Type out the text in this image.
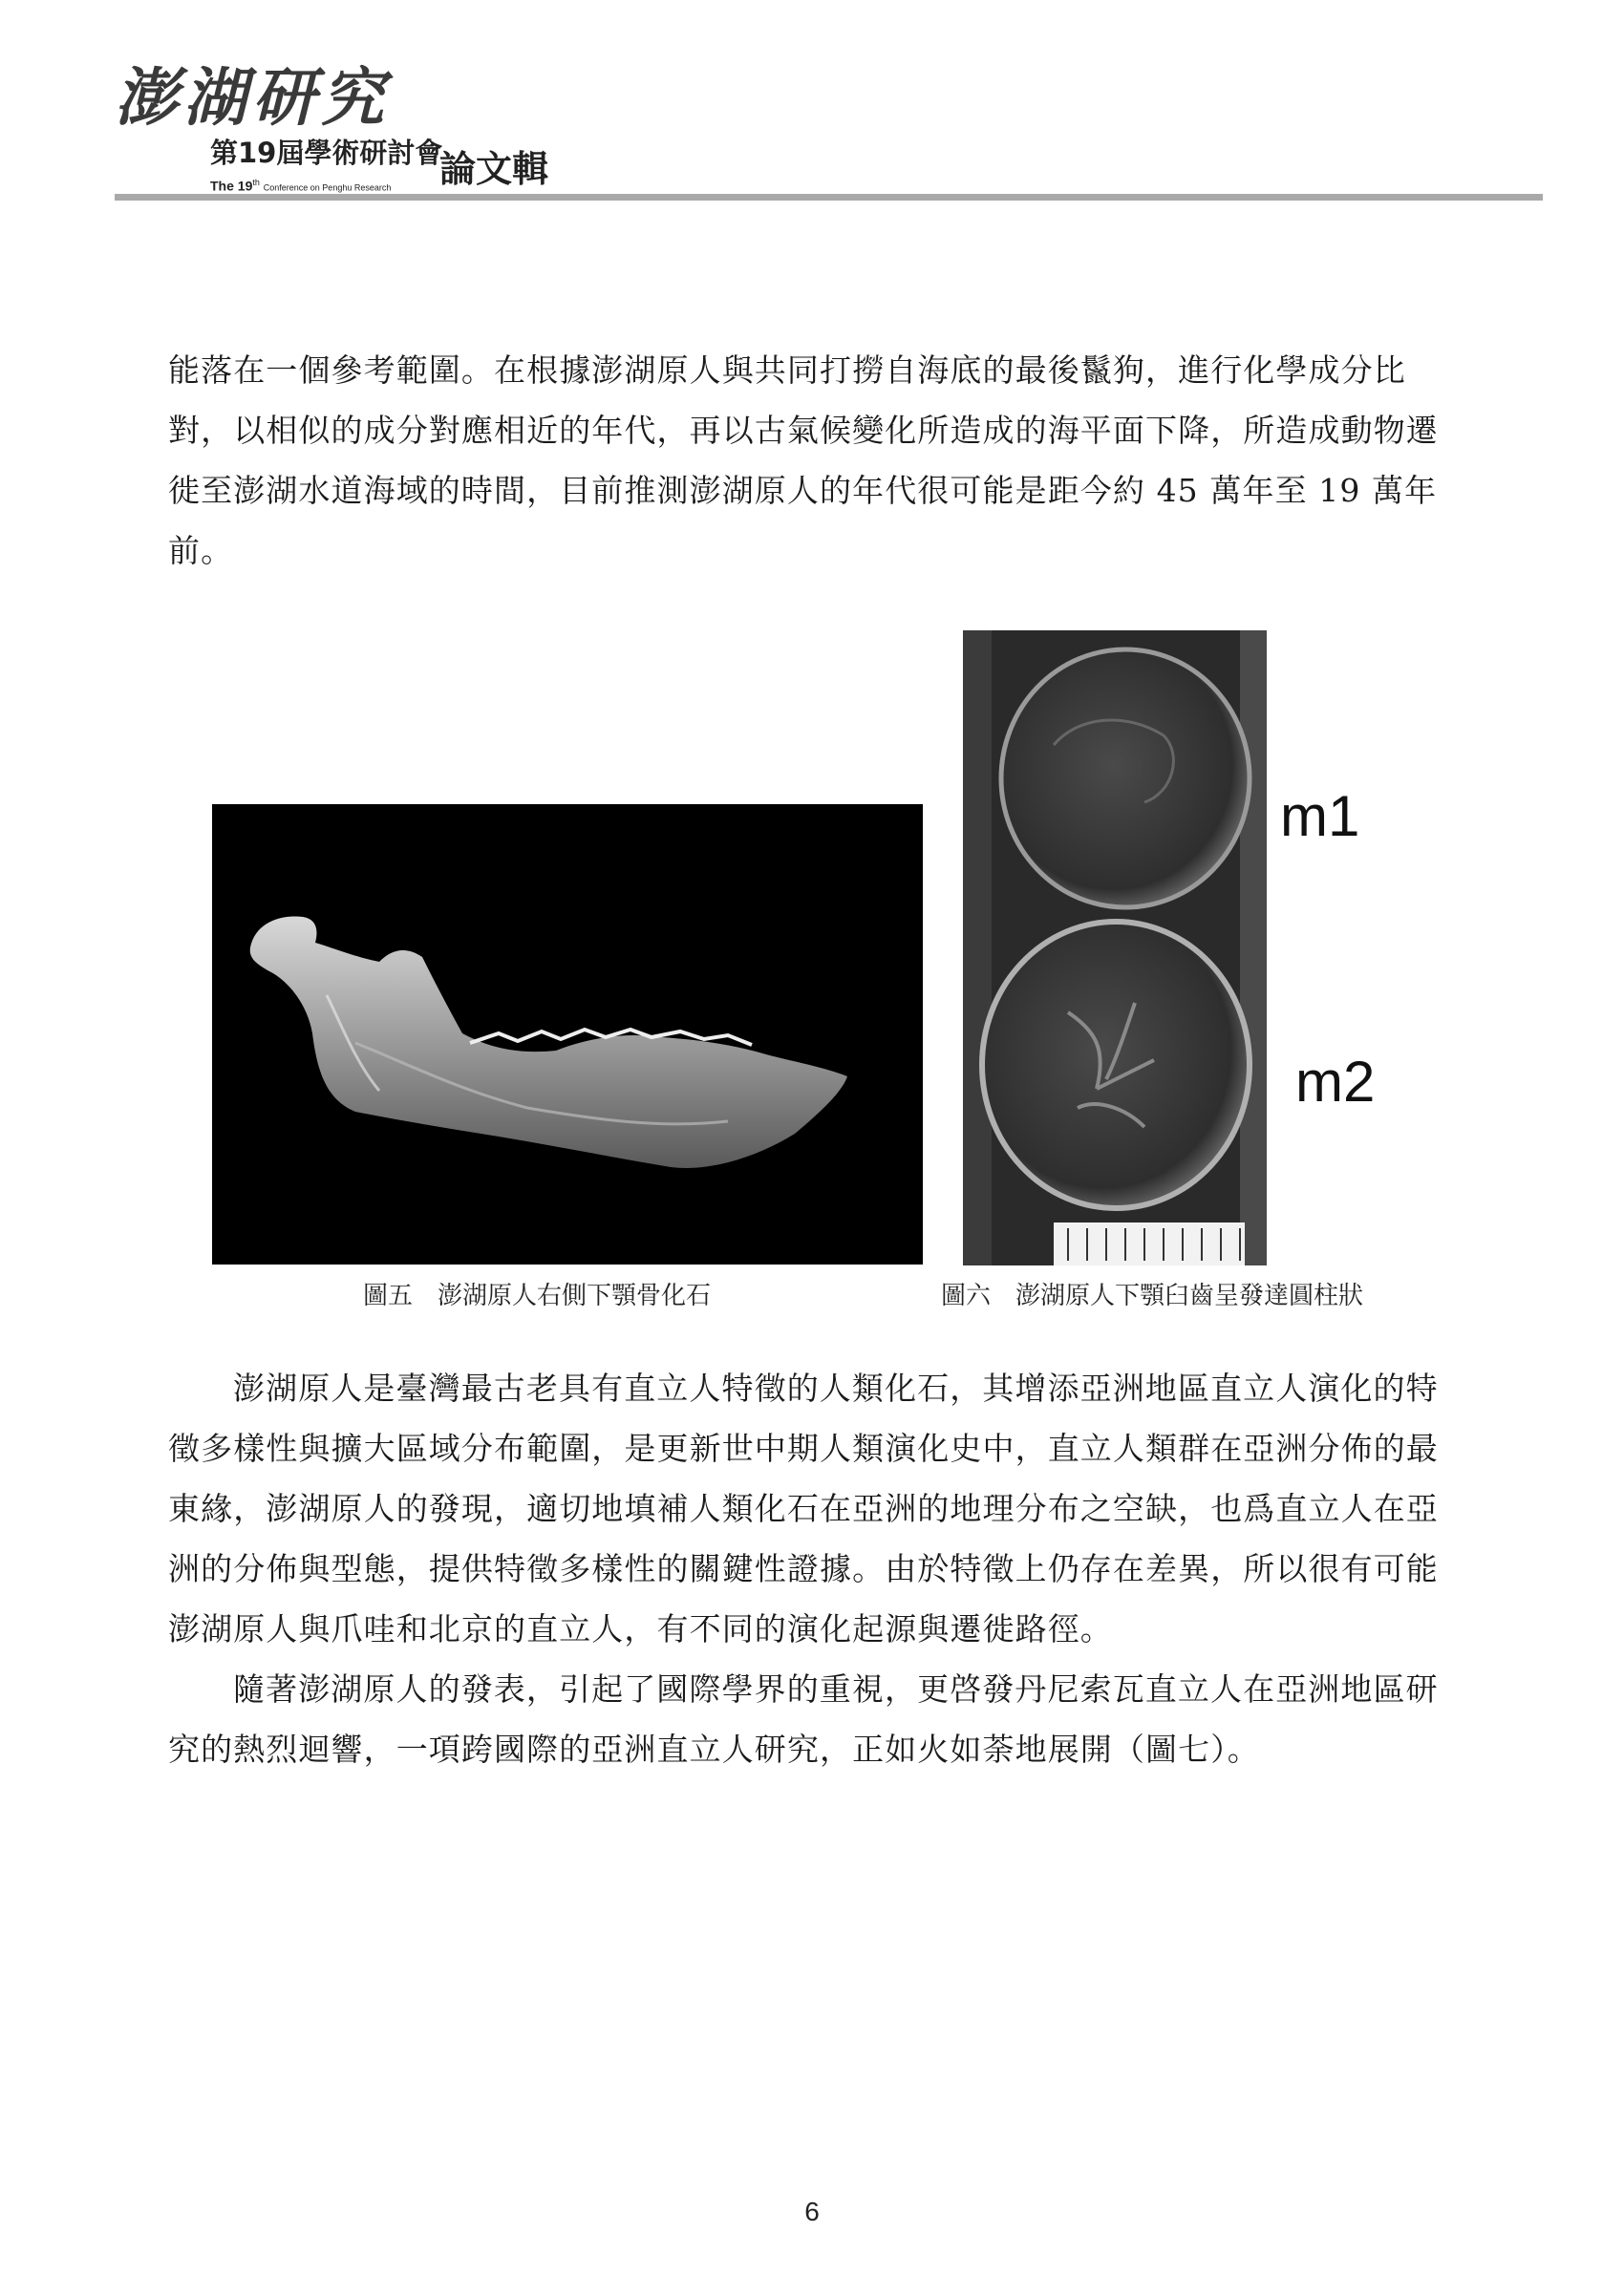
澎湖研究
第19屆學術研討會
The 19th Conference on Penghu Research 論文輯

能落在一個參考範圍。在根據澎湖原人與共同打撈自海底的最後鬣狗，進行化學成分比對，以相似的成分對應相近的年代，再以古氣候變化所造成的海平面下降，所造成動物遷徙至澎湖水道海域的時間，目前推測澎湖原人的年代很可能是距今約 45 萬年至 19 萬年前。

m1
m2
圖五　澎湖原人右側下顎骨化石	圖六　澎湖原人下顎臼齒呈發達圓柱狀

澎湖原人是臺灣最古老具有直立人特徵的人類化石，其增添亞洲地區直立人演化的特徵多樣性與擴大區域分布範圍，是更新世中期人類演化史中，直立人類群在亞洲分佈的最東緣，澎湖原人的發現，適切地填補人類化石在亞洲的地理分布之空缺，也爲直立人在亞洲的分佈與型態，提供特徵多樣性的關鍵性證據。由於特徵上仍存在差異，所以很有可能澎湖原人與爪哇和北京的直立人，有不同的演化起源與遷徙路徑。

隨著澎湖原人的發表，引起了國際學界的重視，更啓發丹尼索瓦直立人在亞洲地區研究的熱烈迴響，一項跨國際的亞洲直立人研究，正如火如荼地展開（圖七）。

6
